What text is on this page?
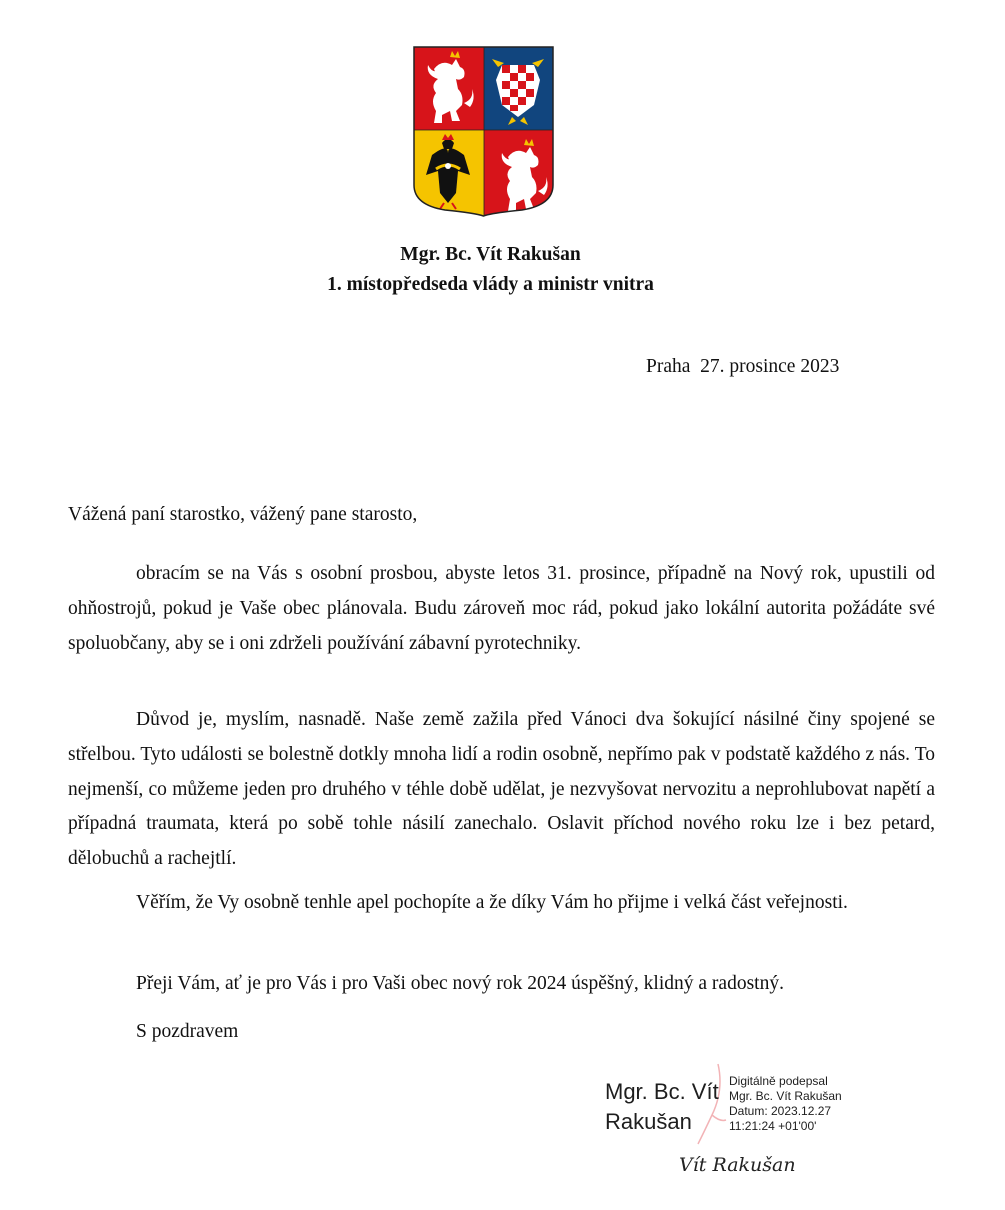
Mgr. Bc. Vít Rakušan
1. místopředseda vlády a ministr vnitra
Praha  27. prosince 2023
Vážená paní starostko, vážený pane starosto,

obracím se na Vás s osobní prosbou, abyste letos 31. prosince, případně na Nový rok, upustili od ohňostrojů, pokud je Vaše obec plánovala. Budu zároveň moc rád, pokud jako lokální autorita požádáte své spoluobčany, aby se i oni zdrželi používání zábavní pyrotechniky.

Důvod je, myslím, nasnadě. Naše země zažila před Vánoci dva šokující násilné činy spojené se střelbou. Tyto události se bolestně dotkly mnoha lidí a rodin osobně, nepřímo pak v podstatě každého z nás. To nejmenší, co můžeme jeden pro druhého v téhle době udělat, je nezvyšovat nervozitu a neprohlubovat napětí a případná traumata, která po sobě tohle násilí zanechalo. Oslavit příchod nového roku lze i bez petard, dělobuchů a rachejtlí.

Věřím, že Vy osobně tenhle apel pochopíte a že díky Vám ho přijme i velká část veřejnosti.

Přeji Vám, ať je pro Vás i pro Vaši obec nový rok 2024 úspěšný, klidný a radostný.

S pozdravem

Mgr. Bc. Vít
Rakušan
Digitálně podepsal
Mgr. Bc. Vít Rakušan
Datum: 2023.12.27
11:21:24 +01'00'
Vít Rakušan
